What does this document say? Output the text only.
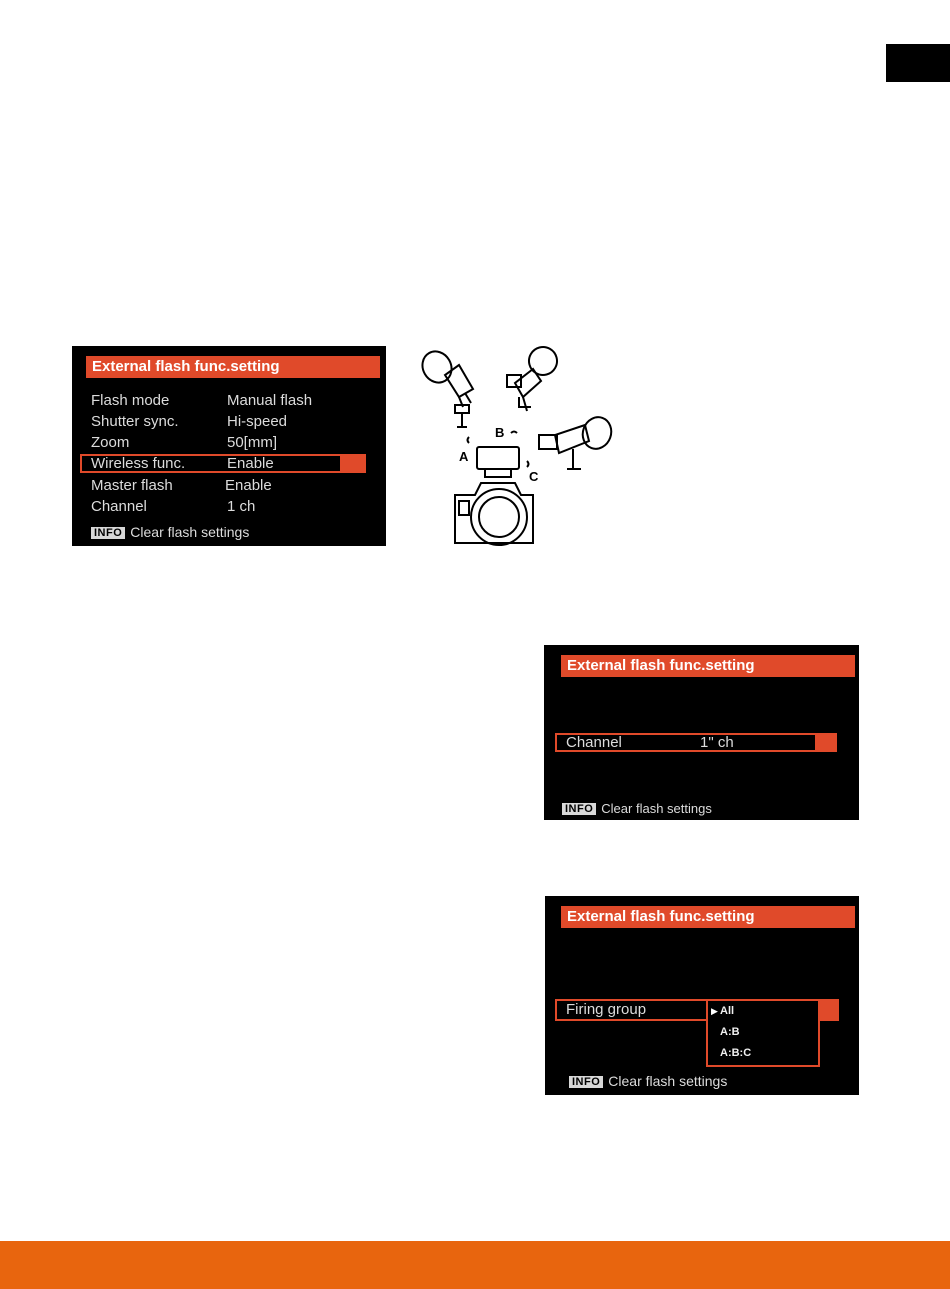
External flash func.setting
Flash mode	Manual flash
Shutter sync.	Hi-speed
Zoom	50[mm]
Wireless func.	Enable
Master flash	Enable
Channel	1 ch
INFO Clear flash settings
A
B
C
External flash func.setting
Channel	1" ch
INFO Clear flash settings
External flash func.setting
Firing group	▶ All
A:B
A:B:C
INFO Clear flash settings
